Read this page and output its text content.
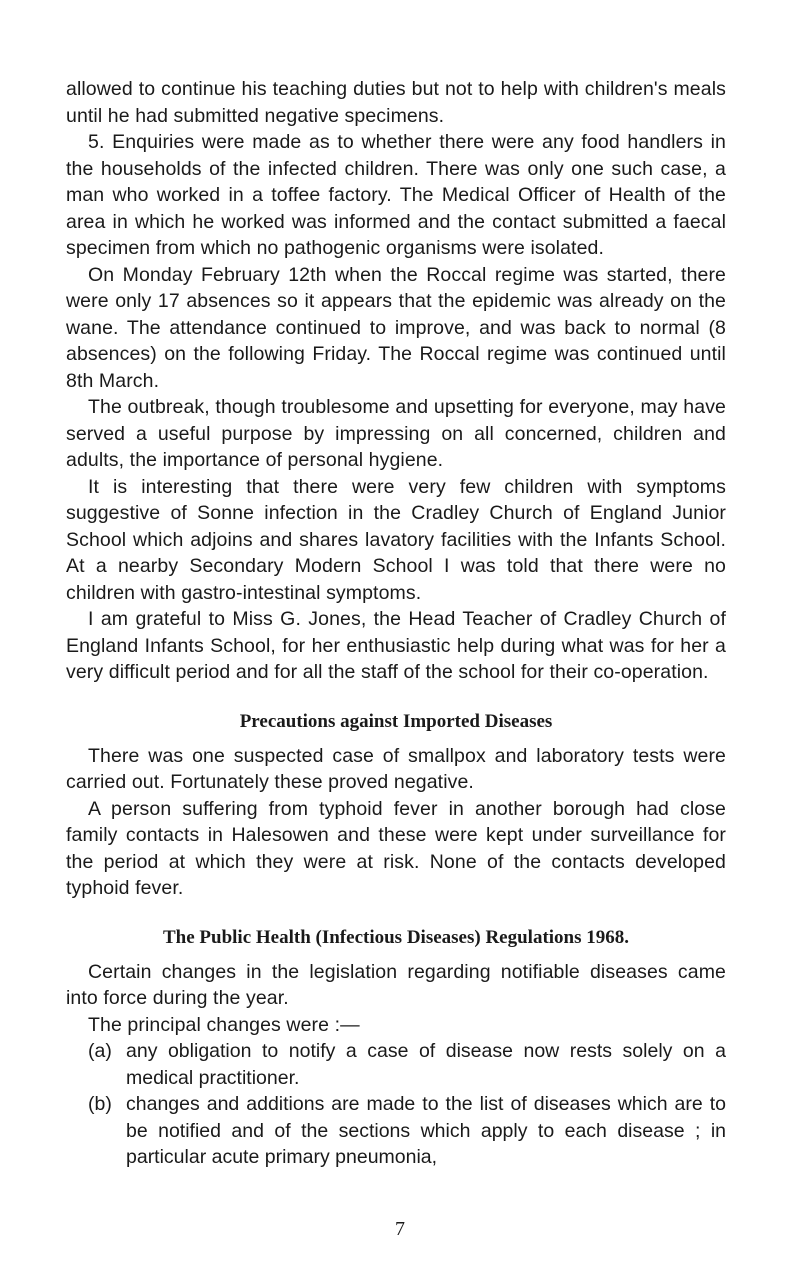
allowed to continue his teaching duties but not to help with children's meals until he had submitted negative specimens.

5. Enquiries were made as to whether there were any food handlers in the households of the infected children. There was only one such case, a man who worked in a toffee factory. The Medical Officer of Health of the area in which he worked was informed and the contact submitted a faecal specimen from which no pathogenic organisms were isolated.

On Monday February 12th when the Roccal regime was started, there were only 17 absences so it appears that the epidemic was already on the wane. The attendance continued to improve, and was back to normal (8 absences) on the following Friday. The Roccal regime was continued until 8th March.

The outbreak, though troublesome and upsetting for everyone, may have served a useful purpose by impressing on all concerned, children and adults, the importance of personal hygiene.

It is interesting that there were very few children with symptoms suggestive of Sonne infection in the Cradley Church of England Junior School which adjoins and shares lavatory facilities with the Infants School. At a nearby Secondary Modern School I was told that there were no children with gastro-intestinal symptoms.

I am grateful to Miss G. Jones, the Head Teacher of Cradley Church of England Infants School, for her enthusiastic help during what was for her a very difficult period and for all the staff of the school for their co-operation.

Precautions against Imported Diseases

There was one suspected case of smallpox and laboratory tests were carried out. Fortunately these proved negative.

A person suffering from typhoid fever in another borough had close family contacts in Halesowen and these were kept under surveillance for the period at which they were at risk. None of the contacts developed typhoid fever.

The Public Health (Infectious Diseases) Regulations 1968.

Certain changes in the legislation regarding notifiable diseases came into force during the year.

The principal changes were :—

(a) any obligation to notify a case of disease now rests solely on a medical practitioner.
(b) changes and additions are made to the list of diseases which are to be notified and of the sections which apply to each disease ; in particular acute primary pneumonia,
7
